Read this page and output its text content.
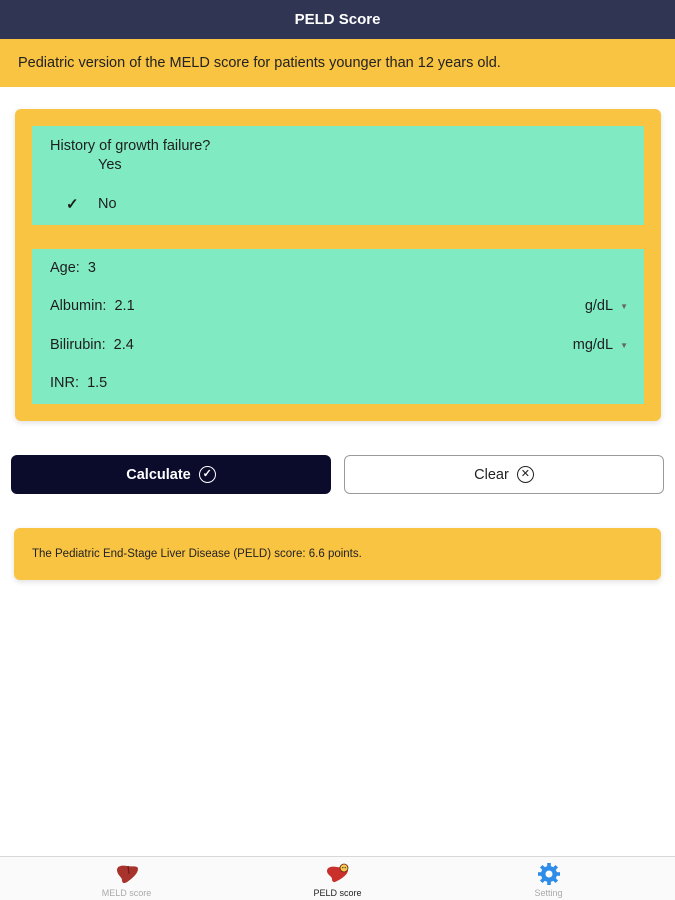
PELD Score
Pediatric version of the MELD score for patients younger than 12 years old.
History of growth failure?
Yes
✓ No
Age: 3
Albumin: 2.1	g/dL ▼
Bilirubin: 2.4	mg/dL ▼
INR: 1.5
Calculate	✓	Clear	✕
The Pediatric End-Stage Liver Disease (PELD) score: 6.6 points.
MELD score	PELD score	Setting
